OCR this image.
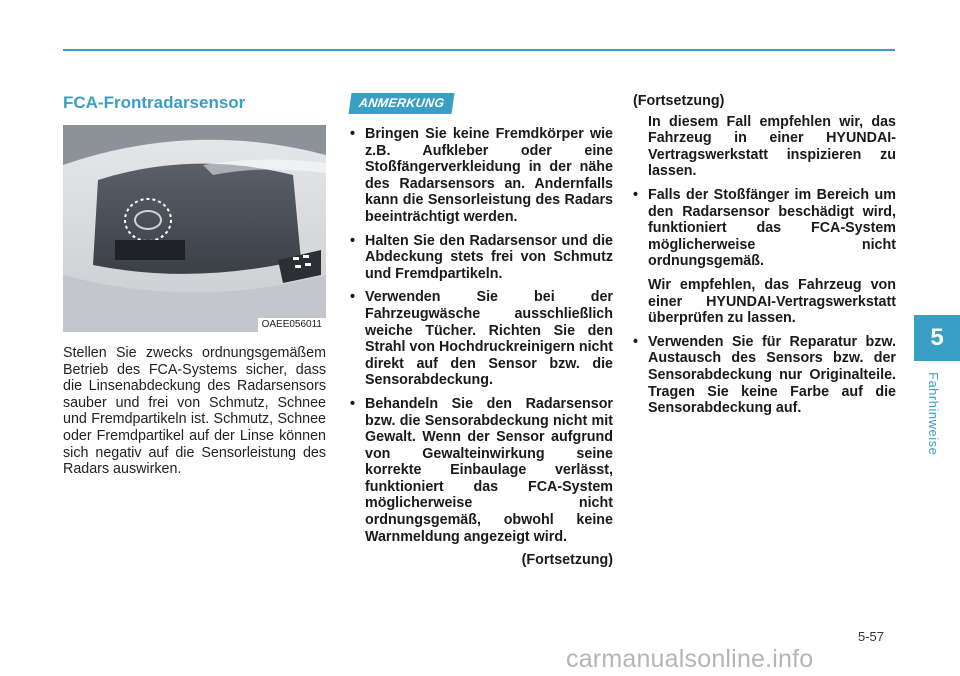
FCA-Frontradarsensor
OAEE056011
Stellen Sie zwecks ordnungsgemäßem Betrieb des FCA-Systems sicher, dass die Linsenabdeckung des Radarsensors sauber und frei von Schmutz, Schnee und Fremdpartikeln ist. Schmutz, Schnee oder Fremdpartikel auf der Linse können sich negativ auf die Sensorleistung des Radars auswirken.
ANMERKUNG
• Bringen Sie keine Fremdkörper wie z.B. Aufkleber oder eine Stoßfängerverkleidung in der nähe des Radarsensors an. Andernfalls kann die Sensorleistung des Radars beeinträchtigt werden.
• Halten Sie den Radarsensor und die Abdeckung stets frei von Schmutz und Fremdpartikeln.
• Verwenden Sie bei der Fahrzeugwäsche ausschließlich weiche Tücher. Richten Sie den Strahl von Hochdruckreinigern nicht direkt auf den Sensor bzw. die Sensorabdeckung.
• Behandeln Sie den Radarsensor bzw. die Sensorabdeckung nicht mit Gewalt. Wenn der Sensor aufgrund von Gewalteinwirkung seine korrekte Einbaulage verlässt, funktioniert das FCA-System möglicherweise nicht ordnungsgemäß, obwohl keine Warnmeldung angezeigt wird.
(Fortsetzung)
(Fortsetzung)
In diesem Fall empfehlen wir, das Fahrzeug in einer HYUNDAI-Vertragswerkstatt inspizieren zu lassen.
• Falls der Stoßfänger im Bereich um den Radarsensor beschädigt wird, funktioniert das FCA-System möglicherweise nicht ordnungsgemäß.
Wir empfehlen, das Fahrzeug von einer HYUNDAI-Vertragswerkstatt überprüfen zu lassen.
• Verwenden Sie für Reparatur bzw. Austausch des Sensors bzw. der Sensorabdeckung nur Originalteile. Tragen Sie keine Farbe auf die Sensorabdeckung auf.
5
Fahrhinweise
5-57
carmanualsonline.info
